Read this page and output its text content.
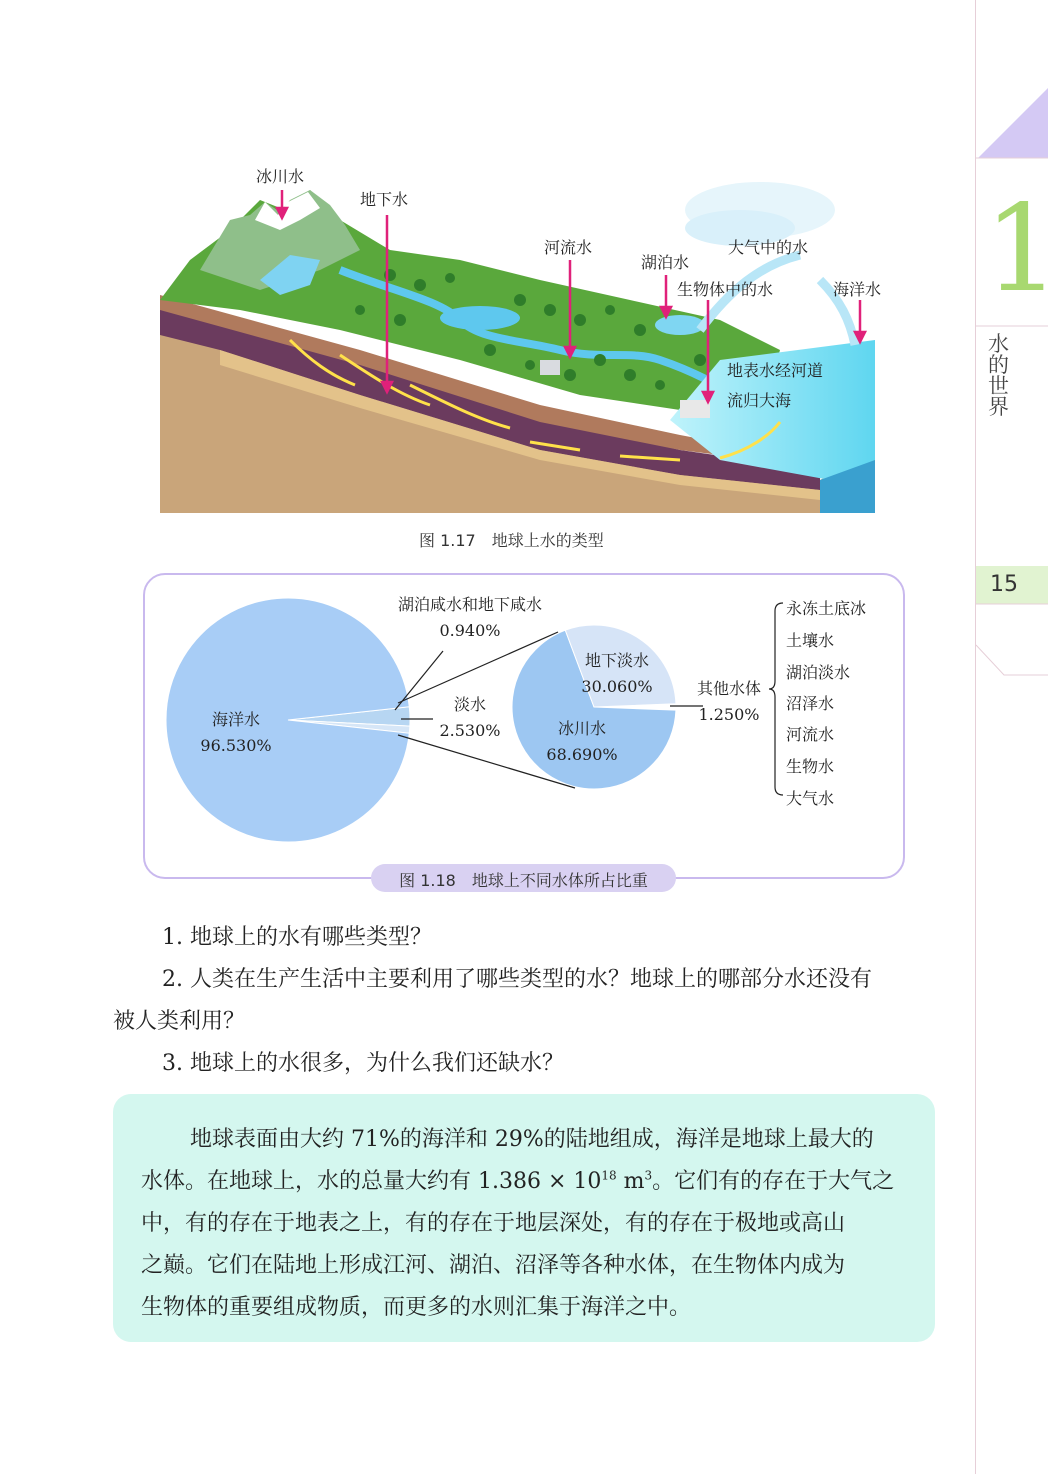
1
水的世界
15
冰川水
地下水
河流水
湖泊水
大气中的水
生物体中的水	海洋水
地表水经河道
流归大海
图 1.17　地球上水的类型
海洋水
96.530%
湖泊咸水和地下咸水
0.940%
淡水
2.530%
地下淡水
30.060%
冰川水
68.690%
其他水体
1.250%
永冻土底冰
土壤水
湖泊淡水
沼泽水
河流水
生物水
大气水
图 1.18　地球上不同水体所占比重
1. 地球上的水有哪些类型？
2. 人类在生产生活中主要利用了哪些类型的水？地球上的哪部分水还没有
被人类利用？
3. 地球上的水很多，为什么我们还缺水？
地球表面由大约 71%的海洋和 29%的陆地组成，海洋是地球上最大的
水体。在地球上，水的总量大约有 $1.386 \times 10^{18}$ $m^3$。它们有的存在于大气之
中，有的存在于地表之上，有的存在于地层深处，有的存在于极地或高山
之巅。它们在陆地上形成江河、湖泊、沼泽等各种水体，在生物体内成为
生物体的重要组成物质，而更多的水则汇集于海洋之中。
